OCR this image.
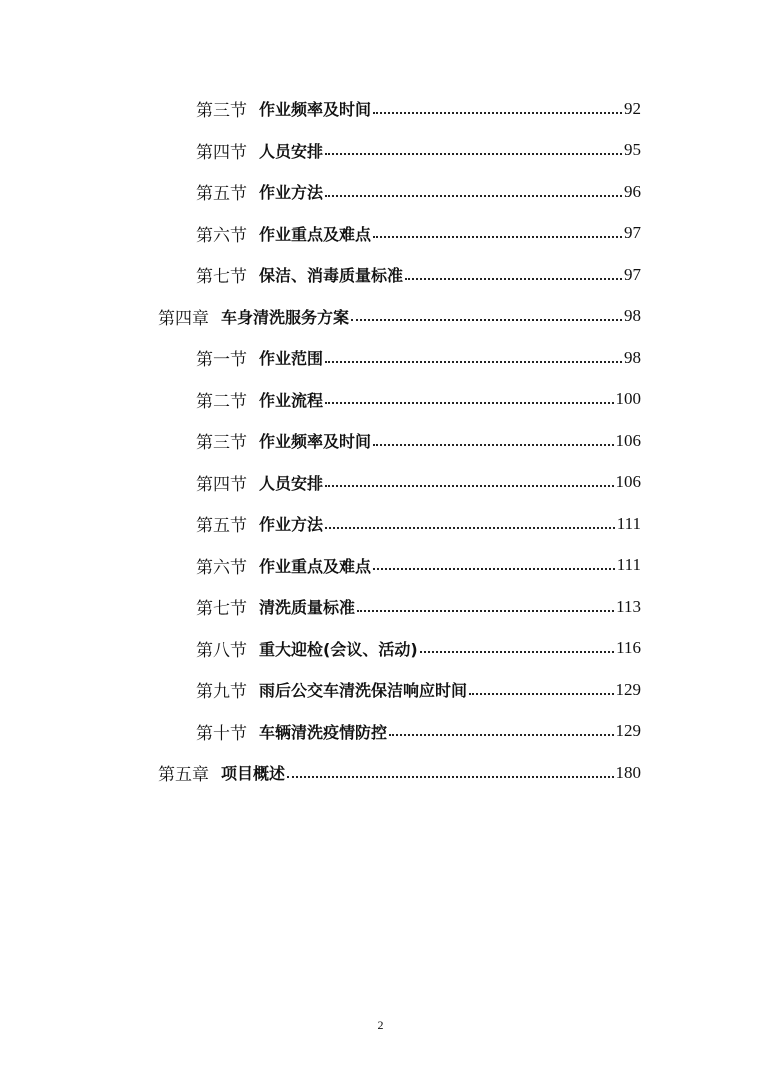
第三节 作业频率及时间	92
第四节 人员安排	95
第五节 作业方法	96
第六节 作业重点及难点	97
第七节 保洁、消毒质量标准	97
第四章 车身清洗服务方案	98
第一节 作业范围	98
第二节 作业流程	100
第三节 作业频率及时间	106
第四节 人员安排	106
第五节 作业方法	111
第六节 作业重点及难点	111
第七节 清洗质量标准	113
第八节 重大迎检(会议、活动)	116
第九节 雨后公交车清洗保洁响应时间	129
第十节 车辆清洗疫情防控	129
第五章 项目概述	180
2
